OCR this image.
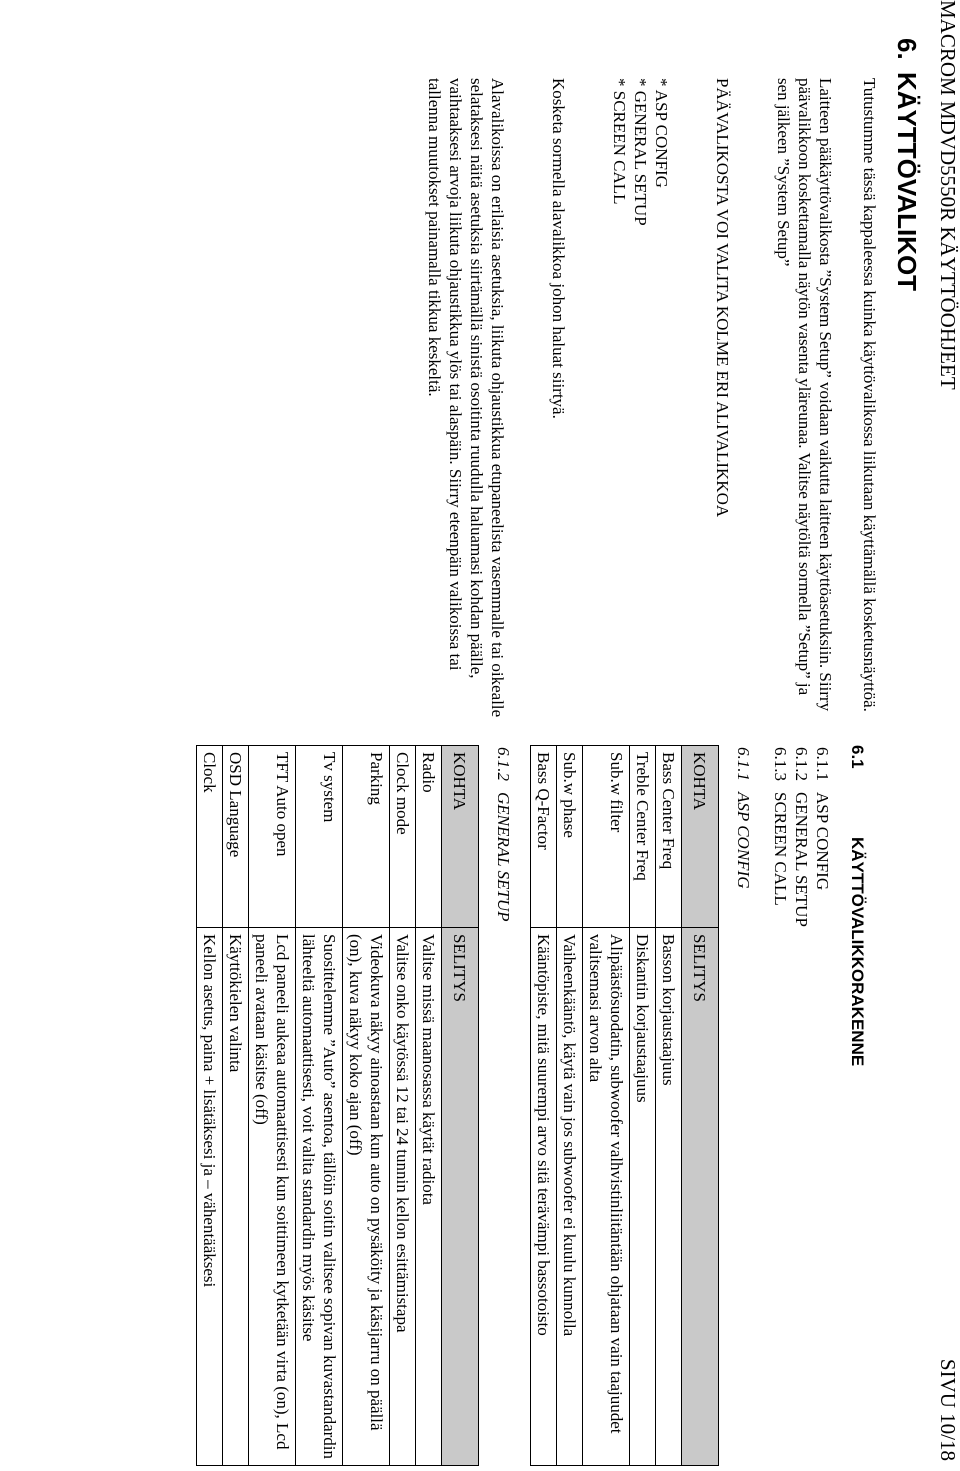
MACROM MDVD5550R KÄYTTÖOHJEET
SIVU 10/18
6.KÄYTTÖVALIKOT

Tutustumme tässä kappaleessa kuinka käyttövalikossa liikutaan käyttämällä kosketusnäyttöä.

Laitteen pääkäyttövalikosta ”System Setup” voidaan vaikutta laitteen käyttöasetuksiin. Siirry päävalikkoon koskettamalla näytön vasenta yläreunaa. Valitse näytöltä sormella ”Setup” ja sen jälkeen ”System Setup”

PÄÄVALIKOSTA VOI VALITA KOLME ERI ALIVALIKKOA

* ASP CONFIG
* GENERAL SETUP
* SCREEN CALL

Kosketa sormella alavalikkoa johon haluat siirtyä.

Alavalikoissa on erilaisia asetuksia, liikuta ohjaustikkua etupaneelista vasemmalle tai oikealle selataksesi näitä asetuksia siirtämällä sinistä osoitinta ruudulla haluamasi kohdan päälle, vaihtaaksesi arvoja liikuta ohjaustikkua ylös tai alaspäin. Siirry eteenpäin valikoissa tai tallenna muutokset painamalla tikkua keskeltä.

6.1KÄYTTÖVALIKKORAKENNE
6.1.1ASP CONFIG
6.1.2GENERAL SETUP
6.1.3SCREEN CALL
6.1.1ASP CONFIG
KOHTA	SELITYS
Bass Center Freq	Basson korjaustaajuus
Treble Center Freq	Diskantin korjaustaajuus
Sub.w filter	Alipäästösuodatin, subwoofer valhvistinliitäntään ohjataan vain taajuudet valitsemasi arvon alta
Sub.w phase	Vaiheenkääntö, käytä vain jos subwoofer ei kuulu kunnolla
Bass Q-Factor	Kääntöpiste, mitä suurempi arvo sitä terävämpi bassotoisto
6.1.2GENERAL SETUP
KOHTA	SELITYS
Radio	Valitse missä maanosassa käytät radiota
Clock mode	Valitse onko käytössä 12 tai 24 tunnin kellon esittämistapa
Parking	Videokuva näkyy ainoastaan kun auto on pysäköity ja käsijarru on päällä (on), kuva näkyy koko ajan (off)
Tv system	Suosittelemme ”Auto” asentoa, tällöin soitin valitsee sopivan kuvastandardin lähteeltä automaattisesti, voit valita standardin myös käsitse
TFT Auto open	Lcd paneeli aukeaa automaattisesti kun soittimeen kytketään virta (on), Lcd paneeli avataan käsitse (off)
OSD Language	Käyttökielen valinta
Clock	Kellon asetus, paina + lisätäksesi ja – vähentääksesi
